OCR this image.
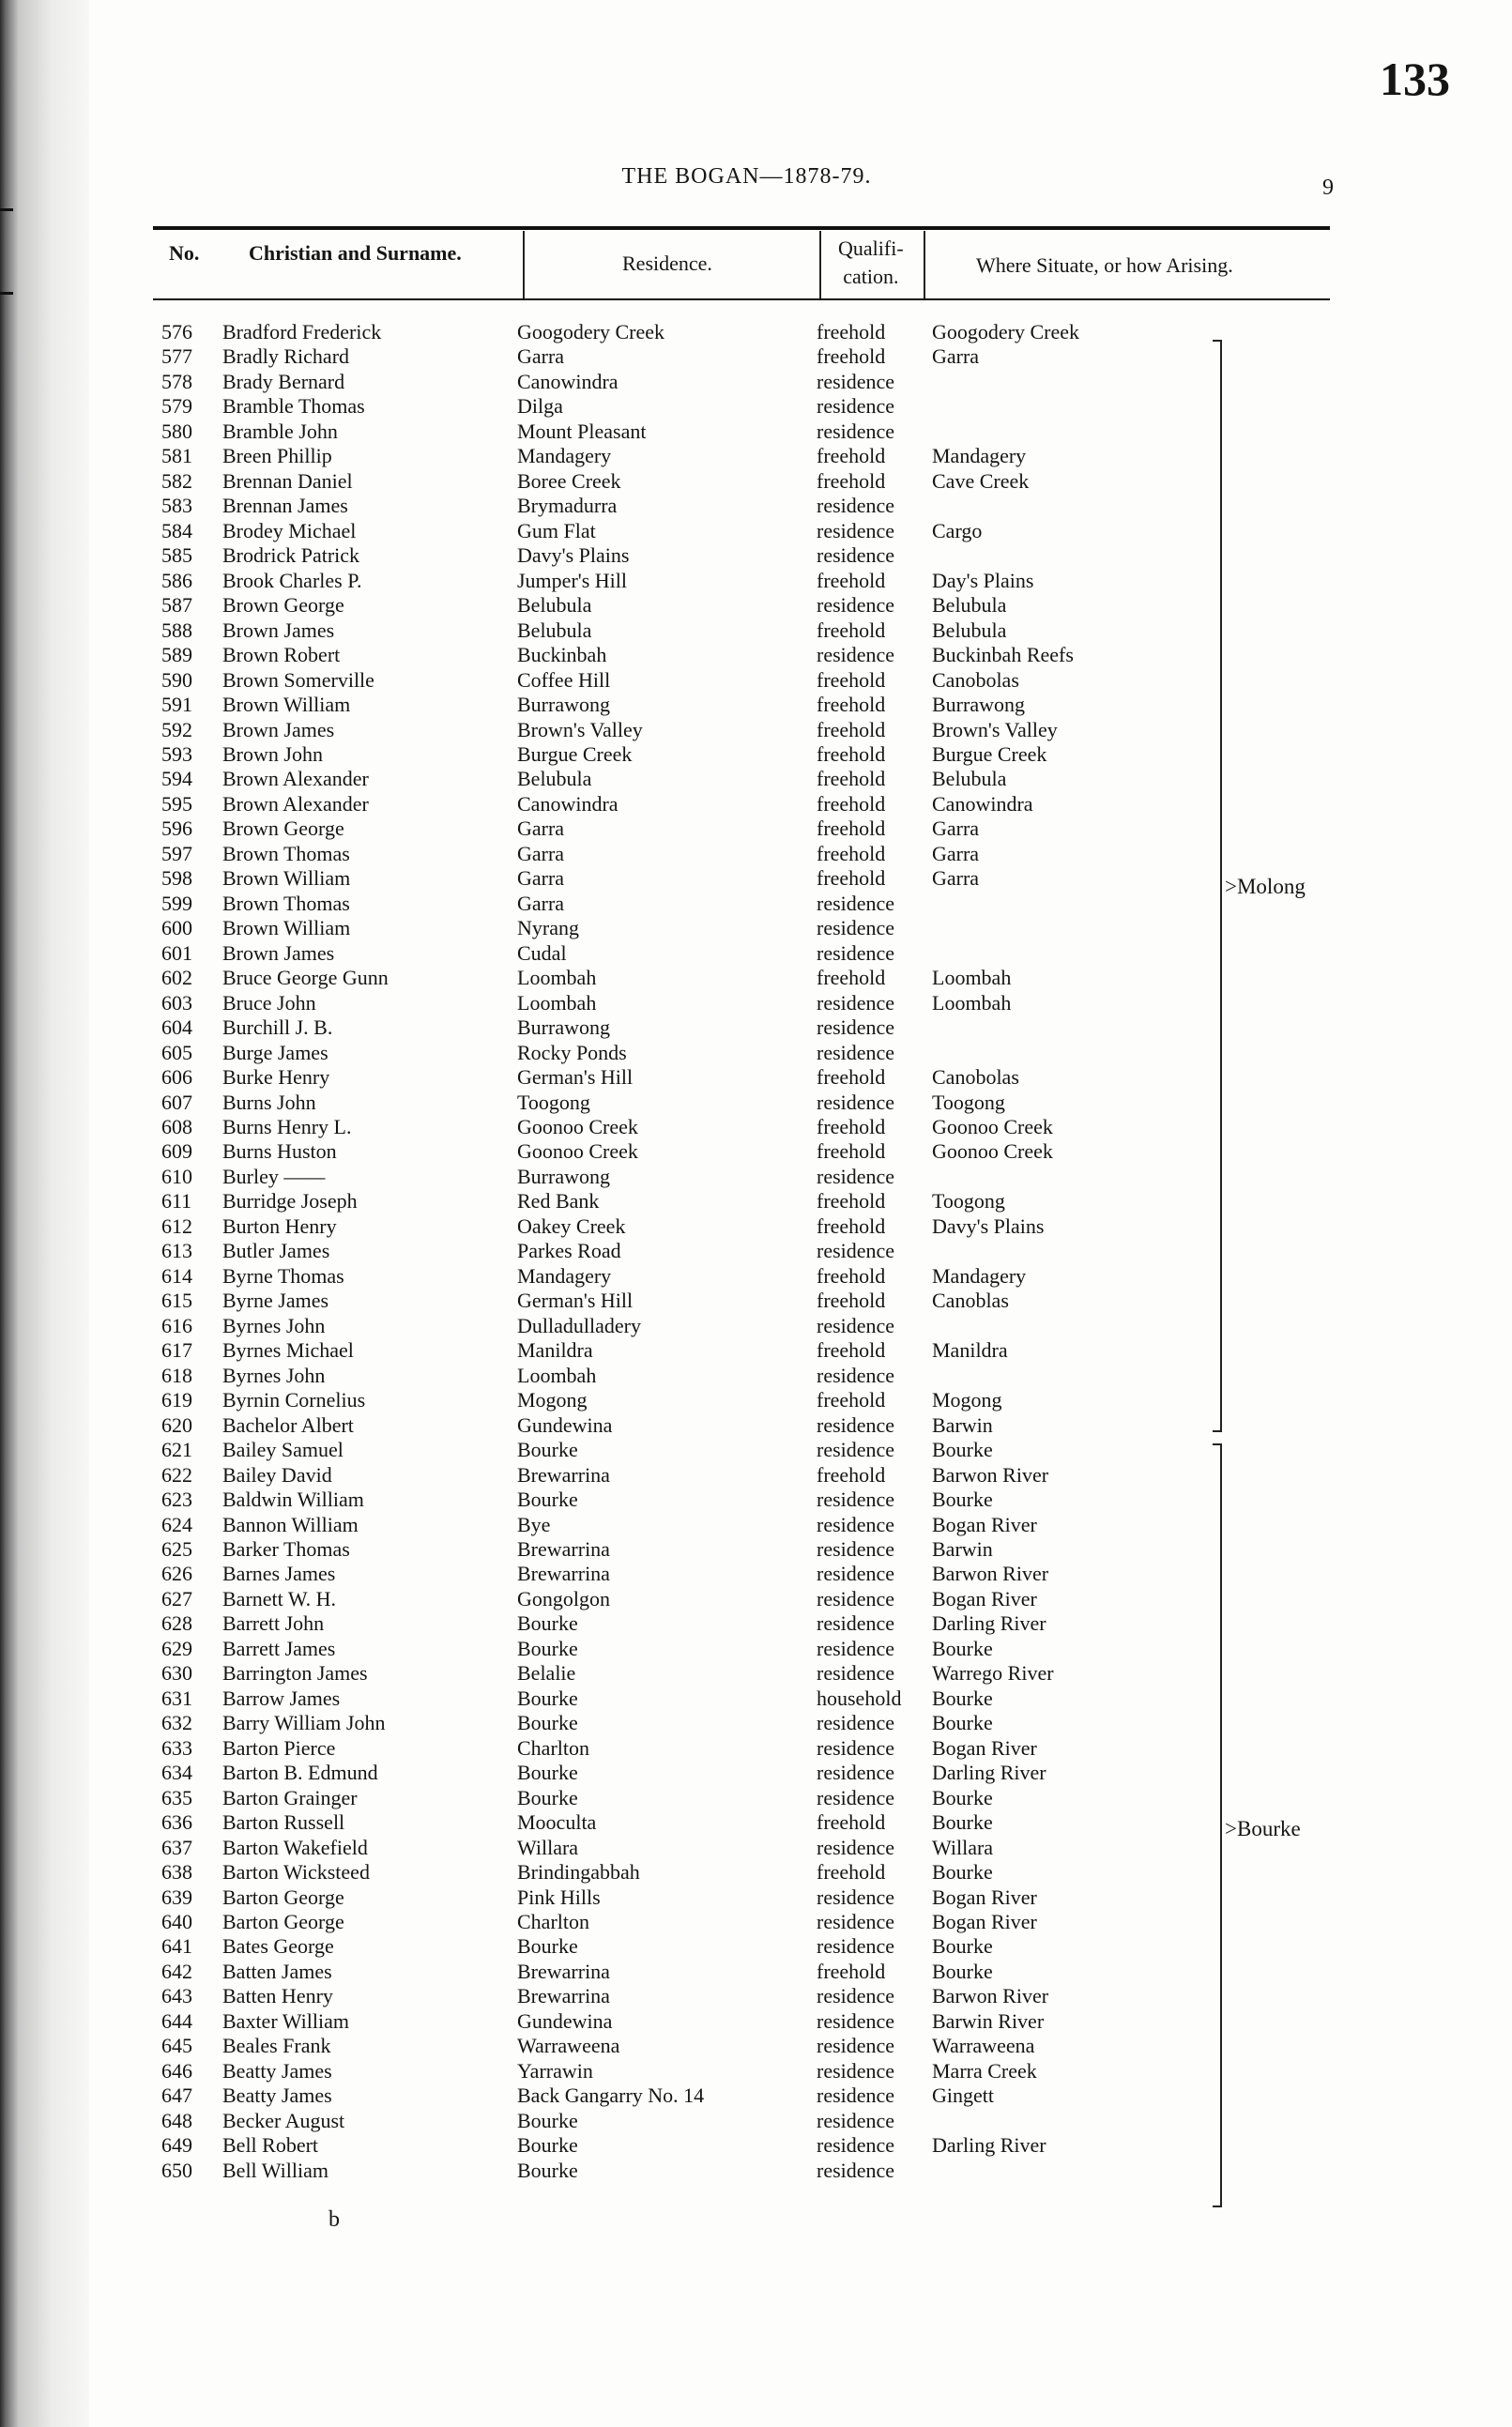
133
9
THE BOGAN—1878-79.
No. Christian and Surname.	Residence.
Qualifi-
cation.	Where Situate, or how Arising.
576	Bradford Frederick	Googodery Creek	freehold Googodery Creek
577	Bradly Richard	Garra	freehold Garra
578	Brady Bernard	Canowindra	residence
579	Bramble Thomas	Dilga	residence
580	Bramble John	Mount Pleasant	residence
581	Breen Phillip	Mandagery	freehold Mandagery
582	Brennan Daniel	Boree Creek	freehold Cave Creek
583	Brennan James	Brymadurra	residence
584	Brodey Michael	Gum Flat	residence Cargo
585	Brodrick Patrick	Davy's Plains	residence
586	Brook Charles P.	Jumper's Hill	freehold Day's Plains
587	Brown George	Belubula	residence Belubula
588	Brown James	Belubula	freehold Belubula
589	Brown Robert	Buckinbah	residence Buckinbah Reefs
590	Brown Somerville	Coffee Hill	freehold Canobolas
591	Brown William	Burrawong	freehold Burrawong
592	Brown James	Brown's Valley	freehold Brown's Valley
593	Brown John	Burgue Creek	freehold Burgue Creek
594	Brown Alexander	Belubula	freehold Belubula
595	Brown Alexander	Canowindra	freehold Canowindra
596	Brown George	Garra	freehold Garra
597	Brown Thomas	Garra	freehold Garra
598	Brown William	Garra	freehold Garra
599	Brown Thomas	Garra	residence
600	Brown William	Nyrang	residence
601	Brown James	Cudal	residence
602	Bruce George Gunn	Loombah	freehold Loombah
603	Bruce John	Loombah	residence Loombah
604	Burchill J. B.	Burrawong	residence
605	Burge James	Rocky Ponds	residence
606	Burke Henry	German's Hill	freehold Canobolas
607	Burns John	Toogong	residence Toogong
608	Burns Henry L.	Goonoo Creek	freehold Goonoo Creek
609	Burns Huston	Goonoo Creek	freehold Goonoo Creek
610	Burley ——	Burrawong	residence
611	Burridge Joseph	Red Bank	freehold Toogong
612	Burton Henry	Oakey Creek	freehold Davy's Plains
613	Butler James	Parkes Road	residence
614	Byrne Thomas	Mandagery	freehold Mandagery
615	Byrne James	German's Hill	freehold Canoblas
616	Byrnes John	Dulladulladery	residence
617	Byrnes Michael	Manildra	freehold Manildra
618	Byrnes John	Loombah	residence
619	Byrnin Cornelius	Mogong	freehold Mogong
620	Bachelor Albert	Gundewina	residence Barwin
621	Bailey Samuel	Bourke	residence Bourke
622	Bailey David	Brewarrina	freehold Barwon River
623	Baldwin William	Bourke	residence Bourke
624	Bannon William	Bye	residence Bogan River
625	Barker Thomas	Brewarrina	residence Barwin
626	Barnes James	Brewarrina	residence Barwon River
627	Barnett W. H.	Gongolgon	residence Bogan River
628	Barrett John	Bourke	residence Darling River
629	Barrett James	Bourke	residence Bourke
630	Barrington James	Belalie	residence Warrego River
631	Barrow James	Bourke	household Bourke
632	Barry William John	Bourke	residence Bourke
633	Barton Pierce	Charlton	residence Bogan River
634	Barton B. Edmund	Bourke	residence Darling River
635	Barton Grainger	Bourke	residence Bourke
636	Barton Russell	Mooculta	freehold Bourke
637	Barton Wakefield	Willara	residence Willara
638	Barton Wicksteed	Brindingabbah	freehold Bourke
639	Barton George	Pink Hills	residence Bogan River
640	Barton George	Charlton	residence Bogan River
641	Bates George	Bourke	residence Bourke
642	Batten James	Brewarrina	freehold Bourke
643	Batten Henry	Brewarrina	residence Barwon River
644	Baxter William	Gundewina	residence Barwin River
645	Beales Frank	Warraweena	residence Warraweena
646	Beatty James	Yarrawin	residence Marra Creek
647	Beatty James	Back Gangarry No. 14	residence Gingett
648	Becker August	Bourke	residence
649	Bell Robert	Bourke	residence Darling River
650	Bell William	Bourke	residence
>Molong
>Bourke
b
